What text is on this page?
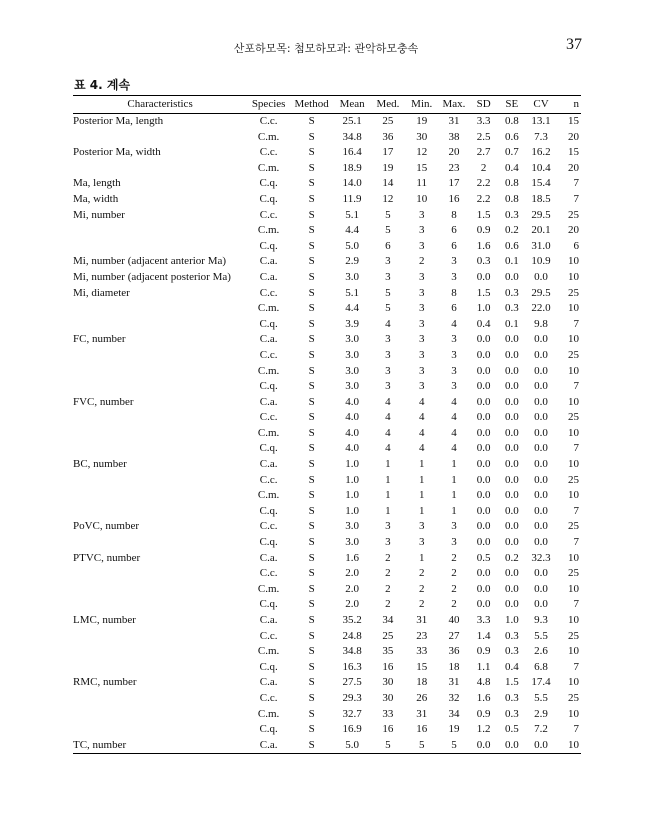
산포하모목: 첨모하모과: 관악하모충속	37
표 4. 계속
Characteristics	Species	Method	Mean	Med.	Min.	Max.	SD	SE	CV	n
Posterior Ma, length	C.c.	S	25.1	25	19	31	3.3	0.8	13.1	15
	C.m.	S	34.8	36	30	38	2.5	0.6	7.3	20
Posterior Ma, width	C.c.	S	16.4	17	12	20	2.7	0.7	16.2	15
	C.m.	S	18.9	19	15	23	2	0.4	10.4	20
Ma, length	C.q.	S	14.0	14	11	17	2.2	0.8	15.4	7
Ma, width	C.q.	S	11.9	12	10	16	2.2	0.8	18.5	7
Mi, number	C.c.	S	5.1	5	3	8	1.5	0.3	29.5	25
	C.m.	S	4.4	5	3	6	0.9	0.2	20.1	20
	C.q.	S	5.0	6	3	6	1.6	0.6	31.0	6
Mi, number (adjacent anterior Ma)	C.a.	S	2.9	3	2	3	0.3	0.1	10.9	10
Mi, number (adjacent posterior Ma)	C.a.	S	3.0	3	3	3	0.0	0.0	0.0	10
Mi, diameter	C.c.	S	5.1	5	3	8	1.5	0.3	29.5	25
	C.m.	S	4.4	5	3	6	1.0	0.3	22.0	10
	C.q.	S	3.9	4	3	4	0.4	0.1	9.8	7
FC, number	C.a.	S	3.0	3	3	3	0.0	0.0	0.0	10
	C.c.	S	3.0	3	3	3	0.0	0.0	0.0	25
	C.m.	S	3.0	3	3	3	0.0	0.0	0.0	10
	C.q.	S	3.0	3	3	3	0.0	0.0	0.0	7
FVC, number	C.a.	S	4.0	4	4	4	0.0	0.0	0.0	10
	C.c.	S	4.0	4	4	4	0.0	0.0	0.0	25
	C.m.	S	4.0	4	4	4	0.0	0.0	0.0	10
	C.q.	S	4.0	4	4	4	0.0	0.0	0.0	7
BC, number	C.a.	S	1.0	1	1	1	0.0	0.0	0.0	10
	C.c.	S	1.0	1	1	1	0.0	0.0	0.0	25
	C.m.	S	1.0	1	1	1	0.0	0.0	0.0	10
	C.q.	S	1.0	1	1	1	0.0	0.0	0.0	7
PoVC, number	C.c.	S	3.0	3	3	3	0.0	0.0	0.0	25
	C.q.	S	3.0	3	3	3	0.0	0.0	0.0	7
PTVC, number	C.a.	S	1.6	2	1	2	0.5	0.2	32.3	10
	C.c.	S	2.0	2	2	2	0.0	0.0	0.0	25
	C.m.	S	2.0	2	2	2	0.0	0.0	0.0	10
	C.q.	S	2.0	2	2	2	0.0	0.0	0.0	7
LMC, number	C.a.	S	35.2	34	31	40	3.3	1.0	9.3	10
	C.c.	S	24.8	25	23	27	1.4	0.3	5.5	25
	C.m.	S	34.8	35	33	36	0.9	0.3	2.6	10
	C.q.	S	16.3	16	15	18	1.1	0.4	6.8	7
RMC, number	C.a.	S	27.5	30	18	31	4.8	1.5	17.4	10
	C.c.	S	29.3	30	26	32	1.6	0.3	5.5	25
	C.m.	S	32.7	33	31	34	0.9	0.3	2.9	10
	C.q.	S	16.9	16	16	19	1.2	0.5	7.2	7
TC, number	C.a.	S	5.0	5	5	5	0.0	0.0	0.0	10
